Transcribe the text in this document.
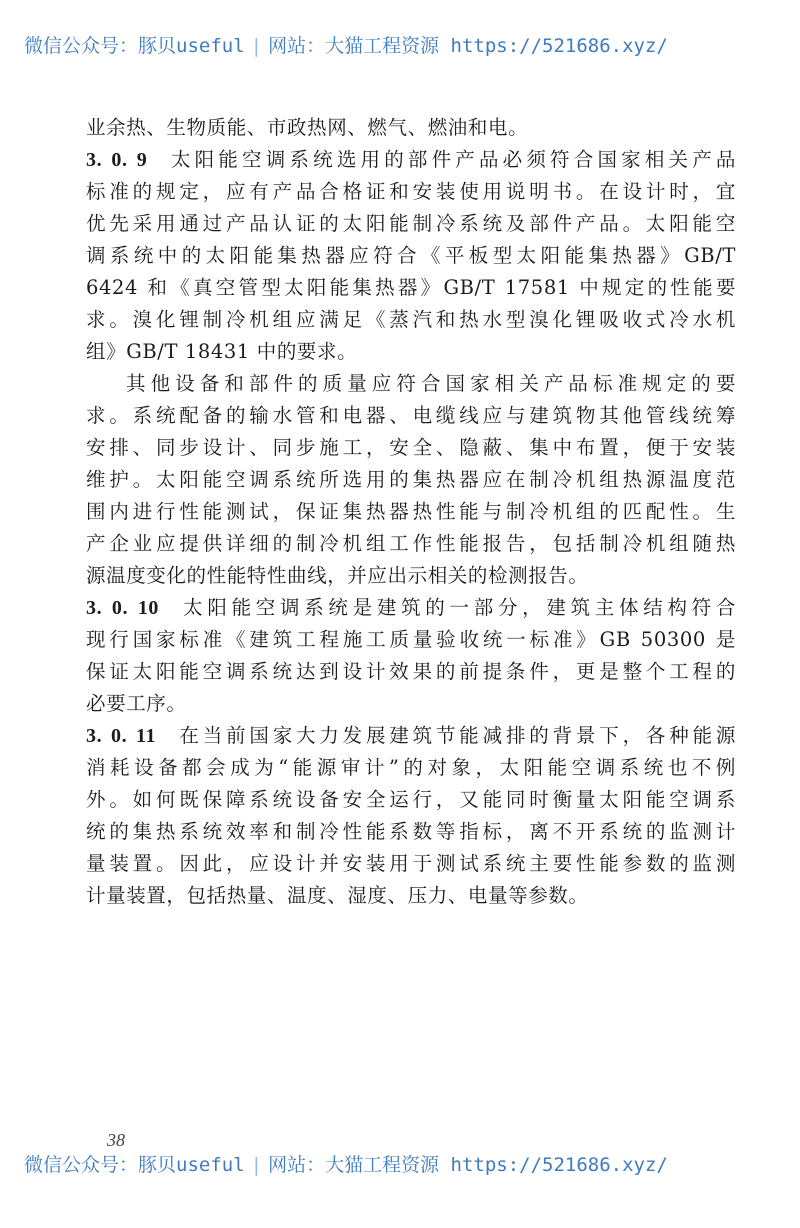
微信公众号：豚贝useful | 网站：大猫工程资源 https://521686.xyz/
业余热、生物质能、市政热网、燃气、燃油和电。
3. 0. 9 太阳能空调系统选用的部件产品必须符合国家相关产品
标准的规定，应有产品合格证和安装使用说明书。在设计时，宜
优先采用通过产品认证的太阳能制冷系统及部件产品。太阳能空
调系统中的太阳能集热器应符合《平板型太阳能集热器》GB/T
6424 和《真空管型太阳能集热器》GB/T 17581 中规定的性能要
求。溴化锂制冷机组应满足《蒸汽和热水型溴化锂吸收式冷水机
组》GB/T 18431 中的要求。
其他设备和部件的质量应符合国家相关产品标准规定的要
求。系统配备的输水管和电器、电缆线应与建筑物其他管线统筹
安排、同步设计、同步施工，安全、隐蔽、集中布置，便于安装
维护。太阳能空调系统所选用的集热器应在制冷机组热源温度范
围内进行性能测试，保证集热器热性能与制冷机组的匹配性。生
产企业应提供详细的制冷机组工作性能报告，包括制冷机组随热
源温度变化的性能特性曲线，并应出示相关的检测报告。
3. 0. 10 太阳能空调系统是建筑的一部分，建筑主体结构符合
现行国家标准《建筑工程施工质量验收统一标准》GB 50300 是
保证太阳能空调系统达到设计效果的前提条件，更是整个工程的
必要工序。
3. 0. 11 在当前国家大力发展建筑节能减排的背景下，各种能源
消耗设备都会成为“能源审计”的对象，太阳能空调系统也不例
外。如何既保障系统设备安全运行，又能同时衡量太阳能空调系
统的集热系统效率和制冷性能系数等指标，离不开系统的监测计
量装置。因此，应设计并安装用于测试系统主要性能参数的监测
计量装置，包括热量、温度、湿度、压力、电量等参数。
38
微信公众号：豚贝useful | 网站：大猫工程资源 https://521686.xyz/
